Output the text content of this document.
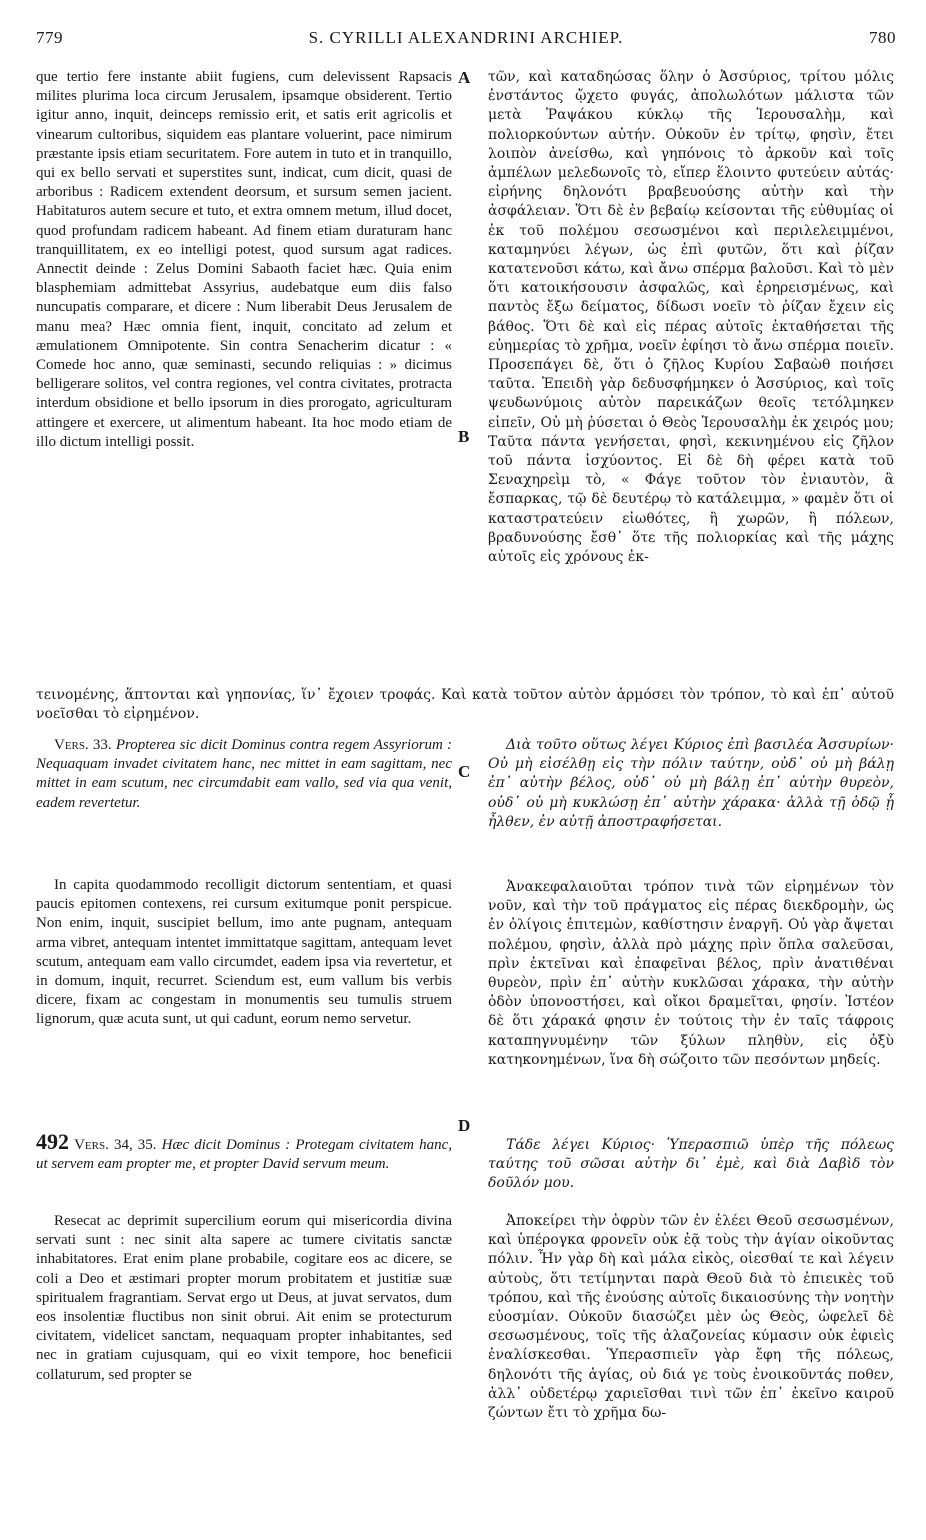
779	S. CYRILLI ALEXANDRINI ARCHIEP.	780
A
B
C
D

que tertio fere instante abiit fugiens, cum delevissent Rapsacis milites plurima loca circum Jerusalem, ipsamque obsiderent. Tertio igitur anno, inquit, deinceps remissio erit, et satis erit agricolis et vinearum cultoribus, siquidem eas plantare voluerint, pace nimirum præstante ipsis etiam securitatem. Fore autem in tuto et in tranquillo, qui ex bello servati et superstites sunt, indicat, cum dicit, quasi de arboribus : Radicem extendent deorsum, et sursum semen jacient. Habitaturos autem secure et tuto, et extra omnem metum, illud docet, quod profundam radicem habeant. Ad finem etiam duraturam hanc tranquillitatem, ex eo intelligi potest, quod sursum agat radices. Annectit deinde : Zelus Domini Sabaoth faciet hæc. Quia enim blasphemiam admittebat Assyrius, audebatque eum diis falso nuncupatis comparare, et dicere : Num liberabit Deus Jerusalem de manu mea? Hæc omnia fient, inquit, concitato ad zelum et æmulationem Omnipotente. Sin contra Senacherim dicatur : « Comede hoc anno, quæ seminasti, secundo reliquias : » dicimus belligerare solitos, vel contra regiones, vel contra civitates, protracta interdum obsidione et bello ipsorum in dies prorogato, agriculturam attingere et exercere, ut alimentum habeant. Ita hoc modo etiam de illo dictum intelligi possit.

τῶν, καὶ καταδηώσας ὅλην ὁ Ἀσσύριος, τρίτου μόλις ἐνστάντος ᾤχετο φυγάς, ἀπολωλότων μάλιστα τῶν μετὰ Ῥαψάκου κύκλῳ τῆς Ἱερουσαλὴμ, καὶ πολιορκούντων αὐτήν. Οὐκοῦν ἐν τρίτῳ, φησὶν, ἔτει λοιπὸν ἀνείσθω, καὶ γηπόνοις τὸ ἀρκοῦν καὶ τοῖς ἀμπέλων μελεδωνοῖς τὸ, εἴπερ ἕλοιντο φυτεύειν αὐτάς· εἰρήνης δηλονότι βραβευούσης αὐτὴν καὶ τὴν ἀσφάλειαν. Ὅτι δὲ ἐν βεβαίῳ κείσονται τῆς εὐθυμίας οἱ ἐκ τοῦ πολέμου σεσωσμένοι καὶ περιλελειμμένοι, καταμηνύει λέγων, ὡς ἐπὶ φυτῶν, ὅτι καὶ ῥίζαν κατατενοῦσι κάτω, καὶ ἄνω σπέρμα βαλοῦσι. Καὶ τὸ μὲν ὅτι κατοικήσουσιν ἀσφαλῶς, καὶ ἐρηρεισμένως, καὶ παντὸς ἔξω δείματος, δίδωσι νοεῖν τὸ ῥίζαν ἔχειν εἰς βάθος. Ὅτι δὲ καὶ εἰς πέρας αὐτοῖς ἐκταθήσεται τῆς εὐημερίας τὸ χρῆμα, νοεῖν ἐφίησι τὸ ἄνω σπέρμα ποιεῖν. Προσεπάγει δὲ, ὅτι ὁ ζῆλος Κυρίου Σαβαὼθ ποιήσει ταῦτα. Ἐπειδὴ γὰρ δεδυσφήμηκεν ὁ Ἀσσύριος, καὶ τοῖς ψευδωνύμοις αὐτὸν παρεικάζων θεοῖς τετόλμηκεν εἰπεῖν, Οὐ μὴ ῥύσεται ὁ Θεὸς Ἱερουσαλὴμ ἐκ χειρός μου; Ταῦτα πάντα γενήσεται, φησὶ, κεκινημένου εἰς ζῆλον τοῦ πάντα ἰσχύοντος. Εἰ δὲ δὴ φέρει κατὰ τοῦ Σεναχηρεὶμ τὸ, « Φάγε τοῦτον τὸν ἐνιαυτὸν, ἃ ἔσπαρκας, τῷ δὲ δευτέρῳ τὸ κατάλειμμα, » φαμὲν ὅτι οἱ καταστρατεύειν εἰωθότες, ἢ χωρῶν, ἢ πόλεων, βραδυνούσης ἔσθ᾽ ὅτε τῆς πολιορκίας καὶ τῆς μάχης αὐτοῖς εἰς χρόνους ἐκ-

τεινομένης, ἅπτονται καὶ γηπονίας, ἵν᾽ ἔχοιεν τροφάς. Καὶ κατὰ τοῦτον αὐτὸν ἁρμόσει τὸν τρόπον, τὸ καὶ ἐπ᾽ αὐτοῦ νοεῖσθαι τὸ εἰρημένον.

Vers. 33. Propterea sic dicit Dominus contra regem Assyriorum : Nequaquam invadet civitatem hanc, nec mittet in eam sagittam, nec mittet in eam scutum, nec circumdabit eam vallo, sed via qua venit, eadem revertetur.

Διὰ τοῦτο οὕτως λέγει Κύριος ἐπὶ βασιλέα Ἀσσυρίων· Οὐ μὴ εἰσέλθῃ εἰς τὴν πόλιν ταύτην, οὐδ᾽ οὐ μὴ βάλῃ ἐπ᾽ αὐτὴν βέλος, οὐδ᾽ οὐ μὴ βάλῃ ἐπ᾽ αὐτὴν θυρεὸν, οὐδ᾽ οὐ μὴ κυκλώσῃ ἐπ᾽ αὐτὴν χάρακα· ἀλλὰ τῇ ὁδῷ ᾗ ἦλθεν, ἐν αὐτῇ ἀποστραφήσεται.

In capita quodammodo recolligit dictorum sententiam, et quasi paucis epitomen contexens, rei cursum exitumque ponit perspicue. Non enim, inquit, suscipiet bellum, imo ante pugnam, antequam arma vibret, antequam intentet immittatque sagittam, antequam levet scutum, antequam eam vallo circumdet, eadem ipsa via revertetur, et in domum, inquit, recurret. Sciendum est, eum vallum bis verbis dicere, fixam ac congestam in monumentis seu tumulis struem lignorum, quæ acuta sunt, ut qui cadunt, eorum nemo servetur.

Ἀνακεφαλαιοῦται τρόπον τινὰ τῶν εἰρημένων τὸν νοῦν, καὶ τὴν τοῦ πράγματος εἰς πέρας διεκδρομὴν, ὡς ἐν ὀλίγοις ἐπιτεμὼν, καθίστησιν ἐναργῆ. Οὐ γὰρ ἄψεται πολέμου, φησὶν, ἀλλὰ πρὸ μάχης πρὶν ὅπλα σαλεῦσαι, πρὶν ἐκτεῖναι καὶ ἐπαφεῖναι βέλος, πρὶν ἀνατιθέναι θυρεὸν, πρὶν ἐπ᾽ αὐτὴν κυκλῶσαι χάρακα, τὴν αὐτὴν ὁδὸν ὑπονοστήσει, καὶ οἴκοι δραμεῖται, φησίν. Ἰστέον δὲ ὅτι χάρακά φησιν ἐν τούτοις τὴν ἐν ταῖς τάφροις καταπηγνυμένην τῶν ξύλων πληθὺν, εἰς ὀξὺ κατηκονημένων, ἵνα δὴ σώζοιτο τῶν πεσόντων μηδείς.

492 Vers. 34, 35. Hæc dicit Dominus : Protegam civitatem hanc, ut servem eam propter me, et propter David servum meum.

Τάδε λέγει Κύριος· Ὑπερασπιῶ ὑπὲρ τῆς πόλεως ταύτης τοῦ σῶσαι αὐτὴν δι᾽ ἐμὲ, καὶ διὰ Δαβὶδ τὸν δοῦλόν μου.

Resecat ac deprimit supercilium eorum qui misericordia divina servati sunt : nec sinit alta sapere ac tumere civitatis sanctæ inhabitatores. Erat enim plane probabile, cogitare eos ac dicere, se coli a Deo et æstimari propter morum probitatem et justitiæ suæ spiritualem fragrantiam. Servat ergo ut Deus, at juvat servatos, dum eos insolentiæ fluctibus non sinit obrui. Ait enim se protecturum civitatem, videlicet sanctam, nequaquam propter inhabitantes, sed nec in gratiam cujusquam, qui eo vixit tempore, hoc beneficii collaturum, sed propter se

Ἀποκείρει τὴν ὀφρὺν τῶν ἐν ἐλέει Θεοῦ σεσωσμένων, καὶ ὑπέρογκα φρονεῖν οὐκ ἐᾷ τοὺς τὴν ἁγίαν οἰκοῦντας πόλιν. Ἦν γὰρ δὴ καὶ μάλα εἰκὸς, οἰεσθαί τε καὶ λέγειν αὐτοὺς, ὅτι τετίμηνται παρὰ Θεοῦ διὰ τὸ ἐπιεικὲς τοῦ τρόπου, καὶ τῆς ἐνούσης αὐτοῖς δικαιοσύνης τὴν νοητὴν εὐοσμίαν. Οὐκοῦν διασώζει μὲν ὡς Θεὸς, ὠφελεῖ δὲ σεσωσμένους, τοῖς τῆς ἀλαζονείας κύμασιν οὐκ ἐφιεὶς ἐναλίσκεσθαι. Ὑπερασπιεῖν γὰρ ἔφη τῆς πόλεως, δηλονότι τῆς ἁγίας, οὐ διά γε τοὺς ἐνοικοῦντάς ποθεν, ἀλλ᾽ οὐδετέρῳ χαριεῖσθαι τινὶ τῶν ἐπ᾽ ἐκεῖνο καιροῦ ζώντων ἔτι τὸ χρῆμα δω-
